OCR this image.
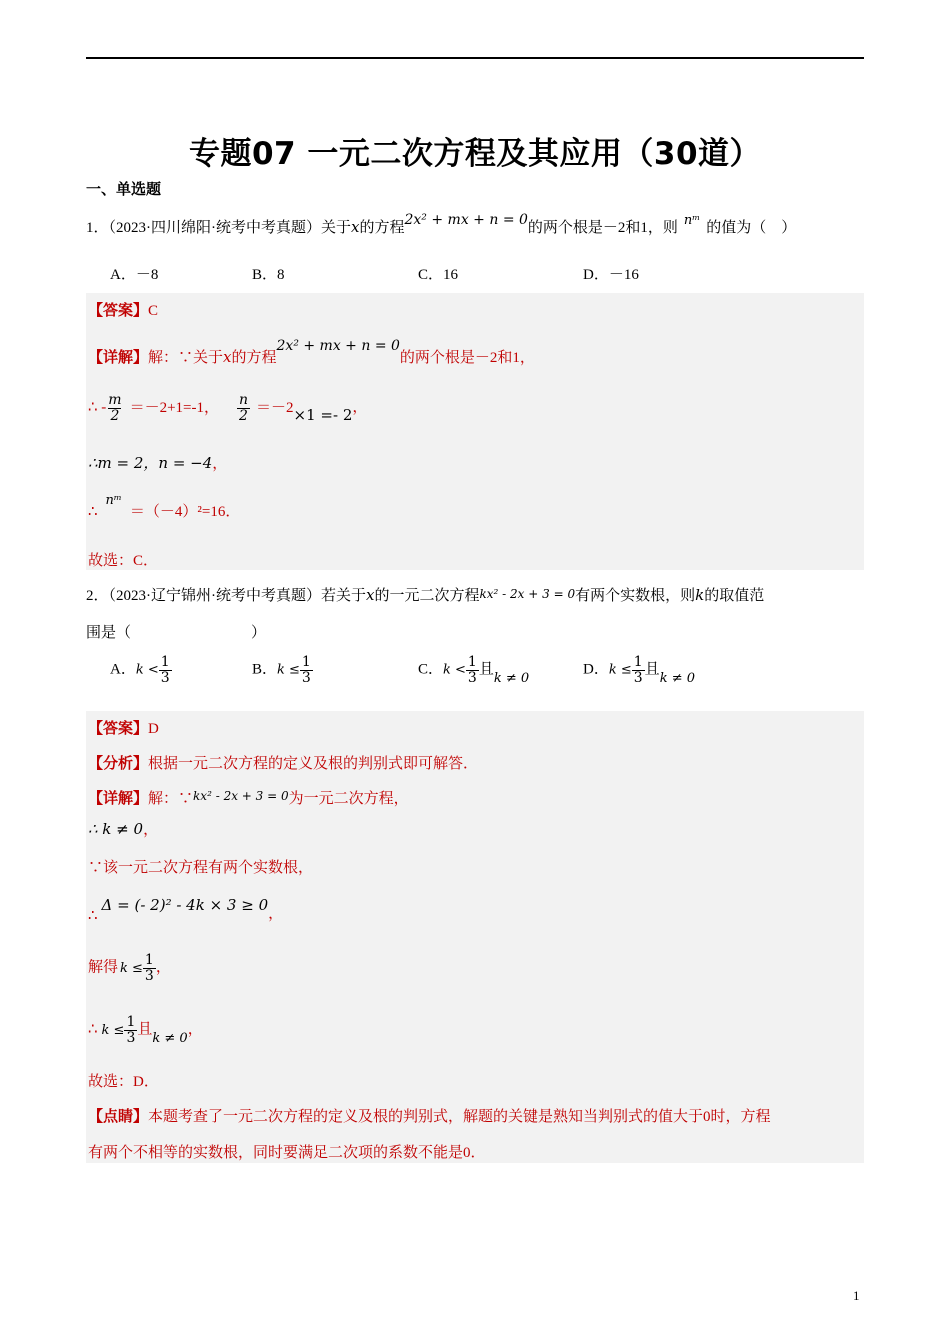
专题07 一元二次方程及其应用（30道）
一、单选题
1．（2023·四川绵阳·统考中考真题）关于x的方程2x² + mx + n = 0的两个根是－2和1，则 nᵐ 的值为（　）
A．－8	B．8	C．16	D．－16
【答案】C
【详解】解：∵关于x的方程2x² + mx + n = 0的两个根是－2和1，
∴ - $\frac{m}{2} =-2+1=-1$， $\frac{n}{2} =-2\times 1 =- 2$，
∴m = 2，n = −4，
∴nᵐ＝（－4）²=16．
故选：C．
2．（2023·辽宁锦州·统考中考真题）若关于x的一元二次方程kx² - 2x + 3 = 0有两个实数根，则k的取值范
围是（　　　　　　　　）
A．$k < \frac{1}{3}$	B．$k \le \frac{1}{3}$	C．$k < \frac{1}{3}$ 且k ≠ 0
D．$k \le \frac{1}{3}$ 且k ≠ 0
【答案】D
【分析】根据一元二次方程的定义及根的判别式即可解答．
【详解】解：∵$^{kx^2 - 2x + 3 = 0}$为一元二次方程，
∴ k ≠ 0，
∵该一元二次方程有两个实数根，
∴Δ = (- 2)² - 4k × 3 ≥ 0，
解得 $k \le \frac{1}{3}$ ，
∴ $k \le \frac{1}{3}$ 且k ≠ 0，
故选：D．
【点睛】本题考查了一元二次方程的定义及根的判别式，解题的关键是熟知当判别式的值大于0时，方程
有两个不相等的实数根，同时要满足二次项的系数不能是0．
1
